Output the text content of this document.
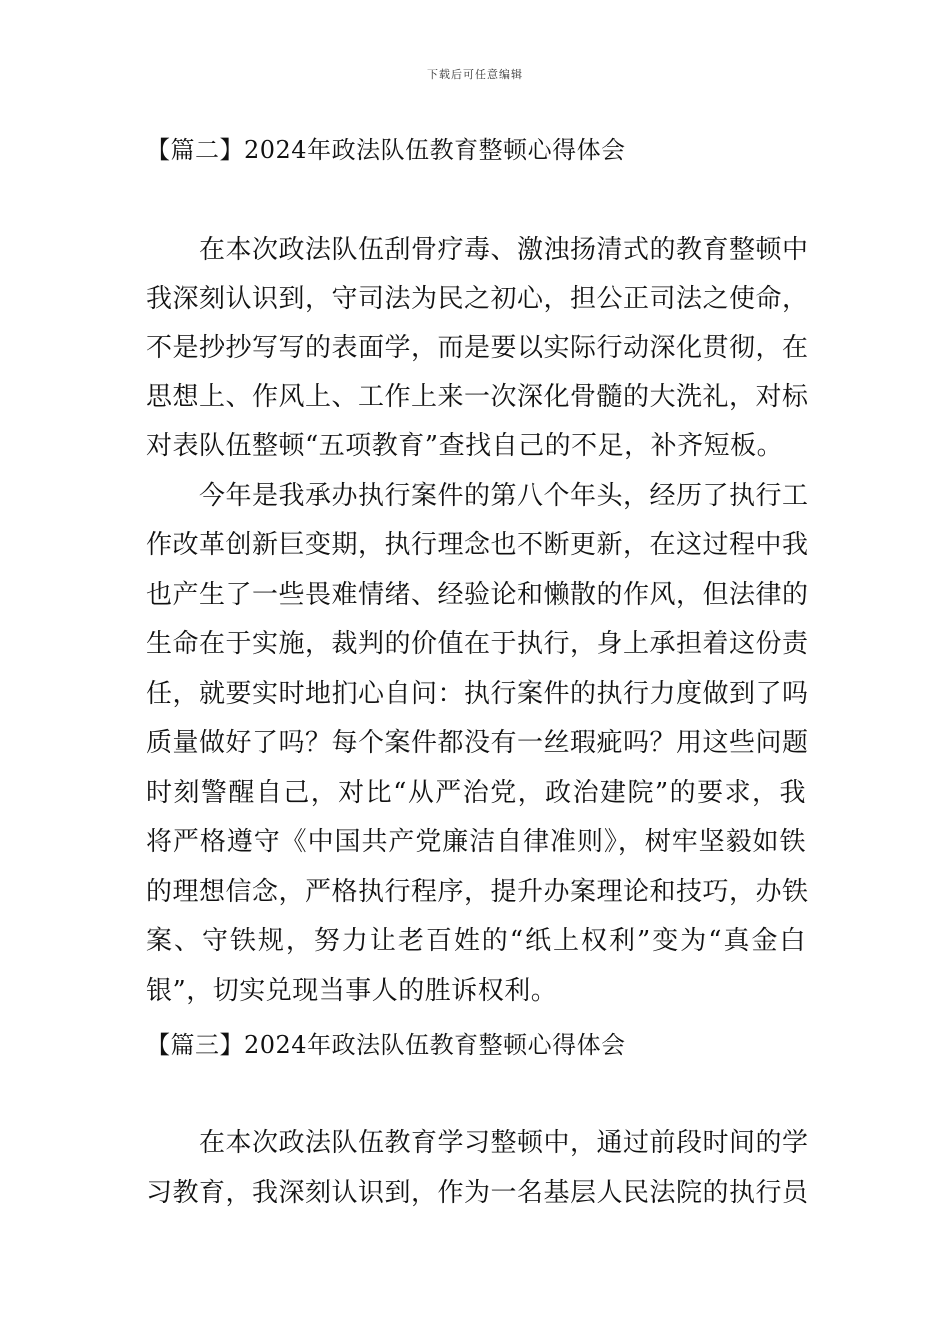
下载后可任意编辑
【篇二】2024年政法队伍教育整顿心得体会
　　在本次政法队伍刮骨疗毒、激浊扬清式的教育整顿中
我深刻认识到，守司法为民之初心，担公正司法之使命，
不是抄抄写写的表面学，而是要以实际行动深化贯彻，在
思想上、作风上、工作上来一次深化骨髓的大洗礼，对标
对表队伍整顿“五项教育”查找自己的不足，补齐短板。
　　今年是我承办执行案件的第八个年头，经历了执行工
作改革创新巨变期，执行理念也不断更新，在这过程中我
也产生了一些畏难情绪、经验论和懒散的作风，但法律的
生命在于实施，裁判的价值在于执行，身上承担着这份责
任，就要实时地扪心自问：执行案件的执行力度做到了吗
质量做好了吗？每个案件都没有一丝瑕疵吗？用这些问题
时刻警醒自己，对比“从严治党，政治建院”的要求，我
将严格遵守《中国共产党廉洁自律准则》，树牢坚毅如铁
的理想信念，严格执行程序，提升办案理论和技巧，办铁
案、守铁规，努力让老百姓的“纸上权利”变为“真金白
银”，切实兑现当事人的胜诉权利。
【篇三】2024年政法队伍教育整顿心得体会
　　在本次政法队伍教育学习整顿中，通过前段时间的学
习教育，我深刻认识到，作为一名基层人民法院的执行员
